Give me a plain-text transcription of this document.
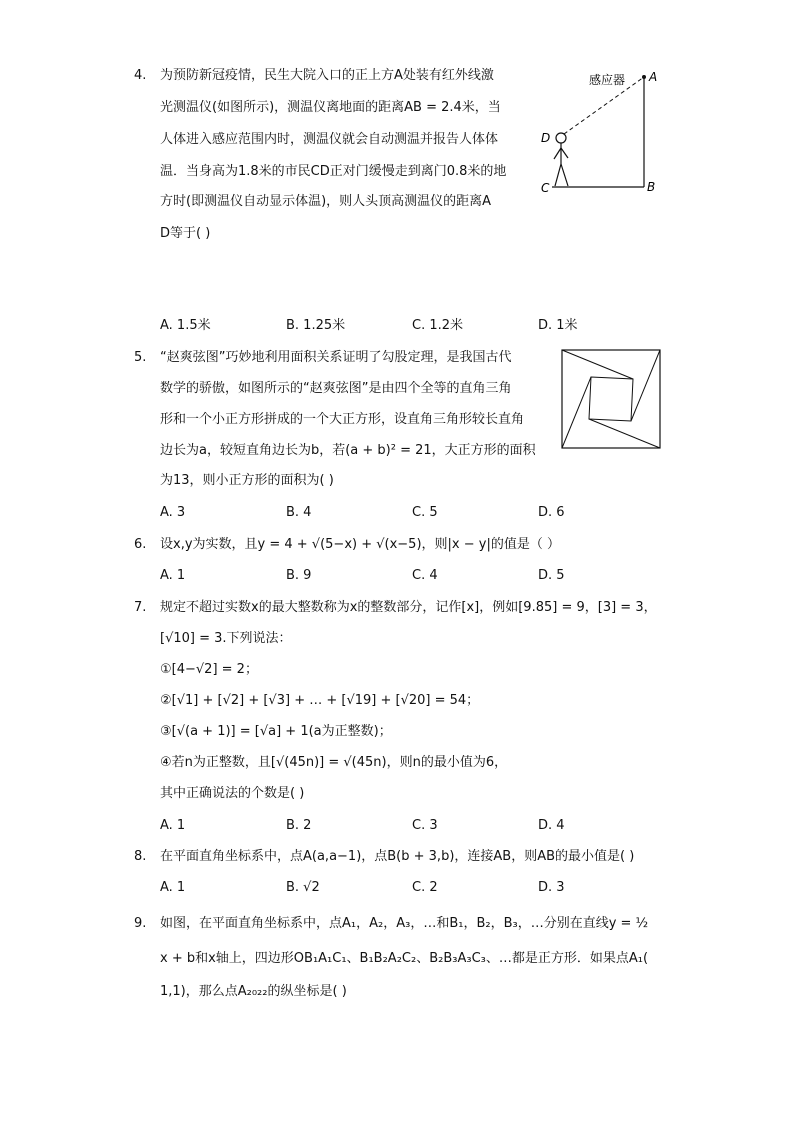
4. 为预防新冠疫情，民生大院入口的正上方A处装有红外线激
光测温仪(如图所示)，测温仪离地面的距离AB = 2.4米，当
人体进入感应范围内时，测温仪就会自动测温并报告人体体
温．当身高为1.8米的市民CD正对门缓慢走到离门0.8米的地
方时(即测温仪自动显示体温)，则人头顶高测温仪的距离A
D等于( )
感应器 A
B
C
D
A. 1.5米	B. 1.25米	C. 1.2米	D. 1米
5. “赵爽弦图”巧妙地利用面积关系证明了勾股定理，是我国古代
数学的骄傲，如图所示的“赵爽弦图”是由四个全等的直角三角
形和一个小正方形拼成的一个大正方形，设直角三角形较长直角
边长为a，较短直角边长为b，若(a + b)² = 21，大正方形的面积
为13，则小正方形的面积为( )
A. 3	B. 4	C. 5	D. 6
6. 设x,y为实数，且y = 4 + √(5−x) + √(x−5)，则|x − y|的值是（ ）
A. 1	B. 9	C. 4	D. 5
7. 规定不超过实数x的最大整数称为x的整数部分，记作[x]，例如[9.85] = 9，[3] = 3，
[√10] = 3.下列说法：
①[4−√2] = 2；
②[√1] + [√2] + [√3] + … + [√19] + [√20] = 54；
③[√(a + 1)] = [√a] + 1(a为正整数)；
④若n为正整数，且[√(45n)] = √(45n)，则n的最小值为6，
其中正确说法的个数是( )
A. 1	B. 2	C. 3	D. 4
8. 在平面直角坐标系中，点A(a,a−1)，点B(b + 3,b)，连接AB，则AB的最小值是( )
A. 1	B. √2	C. 2	D. 3
9. 如图，在平面直角坐标系中，点A₁，A₂，A₃，…和B₁，B₂，B₃，…分别在直线y = ½
x + b和x轴上，四边形OB₁A₁C₁、B₁B₂A₂C₂、B₂B₃A₃C₃、…都是正方形．如果点A₁(
1,1)，那么点A₂₀₂₂的纵坐标是( )
